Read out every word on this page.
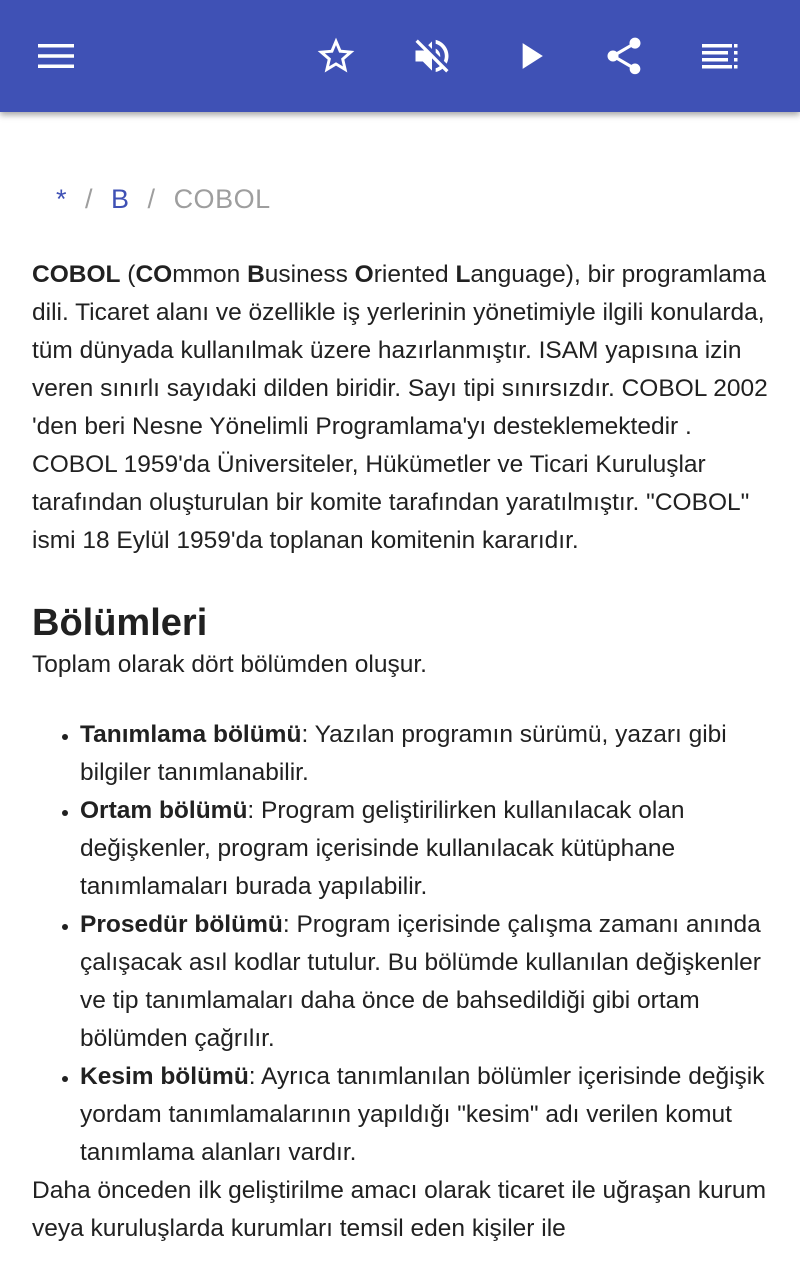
* / B / COBOL

COBOL (COmmon Business Oriented Language), bir programlama dili. Ticaret alanı ve özellikle iş yerlerinin yönetimiyle ilgili konularda, tüm dünyada kullanılmak üzere hazırlanmıştır. ISAM yapısına izin veren sınırlı sayıdaki dilden biridir. Sayı tipi sınırsızdır. COBOL 2002 'den beri Nesne Yönelimli Programlama'yı desteklemektedir . COBOL 1959'da Üniversiteler, Hükümetler ve Ticari Kuruluşlar tarafından oluşturulan bir komite tarafından yaratılmıştır. "COBOL" ismi 18 Eylül 1959'da toplanan komitenin kararıdır.

Bölümleri

Toplam olarak dört bölümden oluşur.

• Tanımlama bölümü: Yazılan programın sürümü, yazarı gibi bilgiler tanımlanabilir.
• Ortam bölümü: Program geliştirilirken kullanılacak olan değişkenler, program içerisinde kullanılacak kütüphane tanımlamaları burada yapılabilir.
• Prosedür bölümü: Program içerisinde çalışma zamanı anında çalışacak asıl kodlar tutulur. Bu bölümde kullanılan değişkenler ve tip tanımlamaları daha önce de bahsedildiği gibi ortam bölümden çağrılır.
• Kesim bölümü: Ayrıca tanımlanılan bölümler içerisinde değişik yordam tanımlamalarının yapıldığı "kesim" adı verilen komut tanımlama alanları vardır.

Daha önceden ilk geliştirilme amacı olarak ticaret ile uğraşan kurum veya kuruluşlarda kurumları temsil eden kişiler ile
